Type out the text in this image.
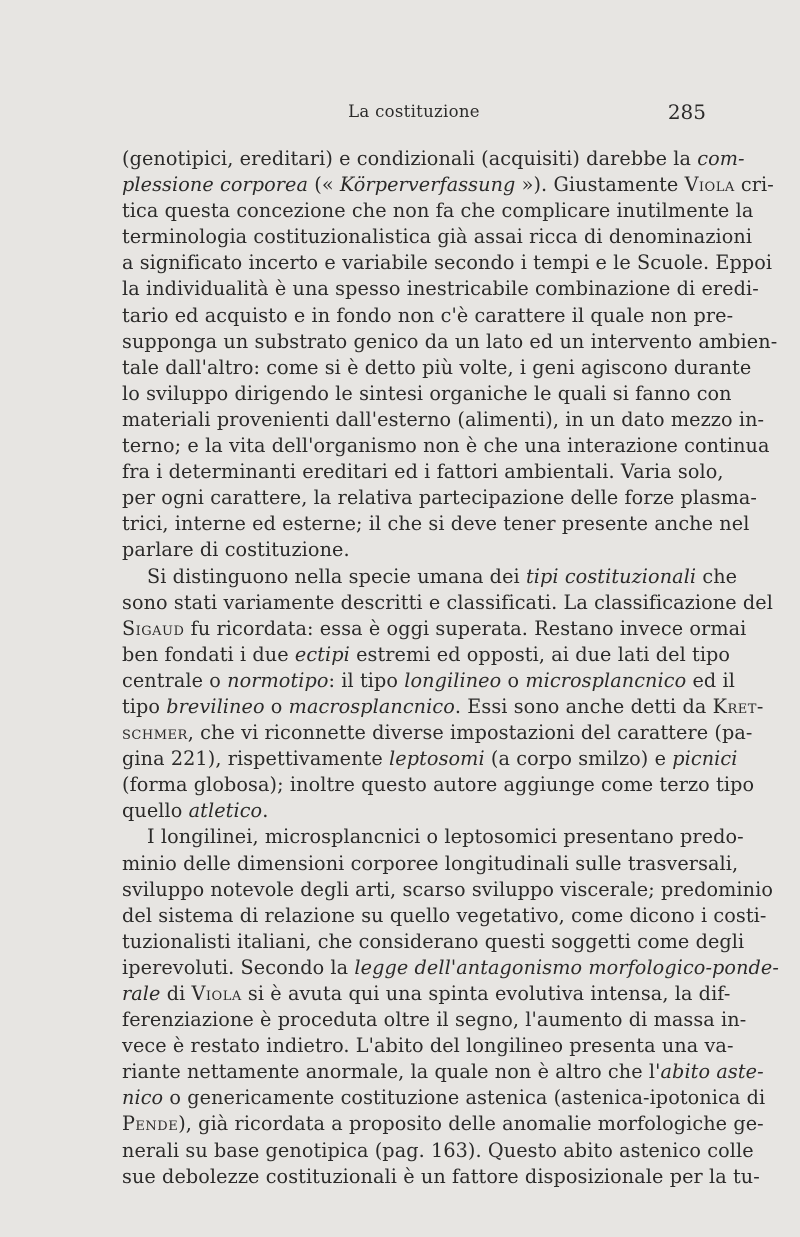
La costituzione	285
(genotipici, ereditari) e condizionali (acquisiti) darebbe la com-
plessione corporea (« Körperverfassung »). Giustamente Viola cri-
tica questa concezione che non fa che complicare inutilmente la
terminologia costituzionalistica già assai ricca di denominazioni
a significato incerto e variabile secondo i tempi e le Scuole. Eppoi
la individualità è una spesso inestricabile combinazione di eredi-
tario ed acquisto e in fondo non c'è carattere il quale non pre-
supponga un substrato genico da un lato ed un intervento ambien-
tale dall'altro: come si è detto più volte, i geni agiscono durante
lo sviluppo dirigendo le sintesi organiche le quali si fanno con
materiali provenienti dall'esterno (alimenti), in un dato mezzo in-
terno; e la vita dell'organismo non è che una interazione continua
fra i determinanti ereditari ed i fattori ambientali. Varia solo,
per ogni carattere, la relativa partecipazione delle forze plasma-
trici, interne ed esterne; il che si deve tener presente anche nel
parlare di costituzione.
Si distinguono nella specie umana dei tipi costituzionali che
sono stati variamente descritti e classificati. La classificazione del
Sigaud fu ricordata: essa è oggi superata. Restano invece ormai
ben fondati i due ectipi estremi ed opposti, ai due lati del tipo
centrale o normotipo: il tipo longilineo o microsplancnico ed il
tipo brevilineo o macrosplancnico. Essi sono anche detti da Kret-
schmer, che vi riconnette diverse impostazioni del carattere (pa-
gina 221), rispettivamente leptosomi (a corpo smilzo) e picnici
(forma globosa); inoltre questo autore aggiunge come terzo tipo
quello atletico.
I longilinei, microsplancnici o leptosomici presentano predo-
minio delle dimensioni corporee longitudinali sulle trasversali,
sviluppo notevole degli arti, scarso sviluppo viscerale; predominio
del sistema di relazione su quello vegetativo, come dicono i costi-
tuzionalisti italiani, che considerano questi soggetti come degli
iperevoluti. Secondo la legge dell'antagonismo morfologico-ponde-
rale di Viola si è avuta qui una spinta evolutiva intensa, la dif-
ferenziazione è proceduta oltre il segno, l'aumento di massa in-
vece è restato indietro. L'abito del longilineo presenta una va-
riante nettamente anormale, la quale non è altro che l'abito aste-
nico o genericamente costituzione astenica (astenica-ipotonica di
Pende), già ricordata a proposito delle anomalie morfologiche ge-
nerali su base genotipica (pag. 163). Questo abito astenico colle
sue debolezze costituzionali è un fattore disposizionale per la tu-
